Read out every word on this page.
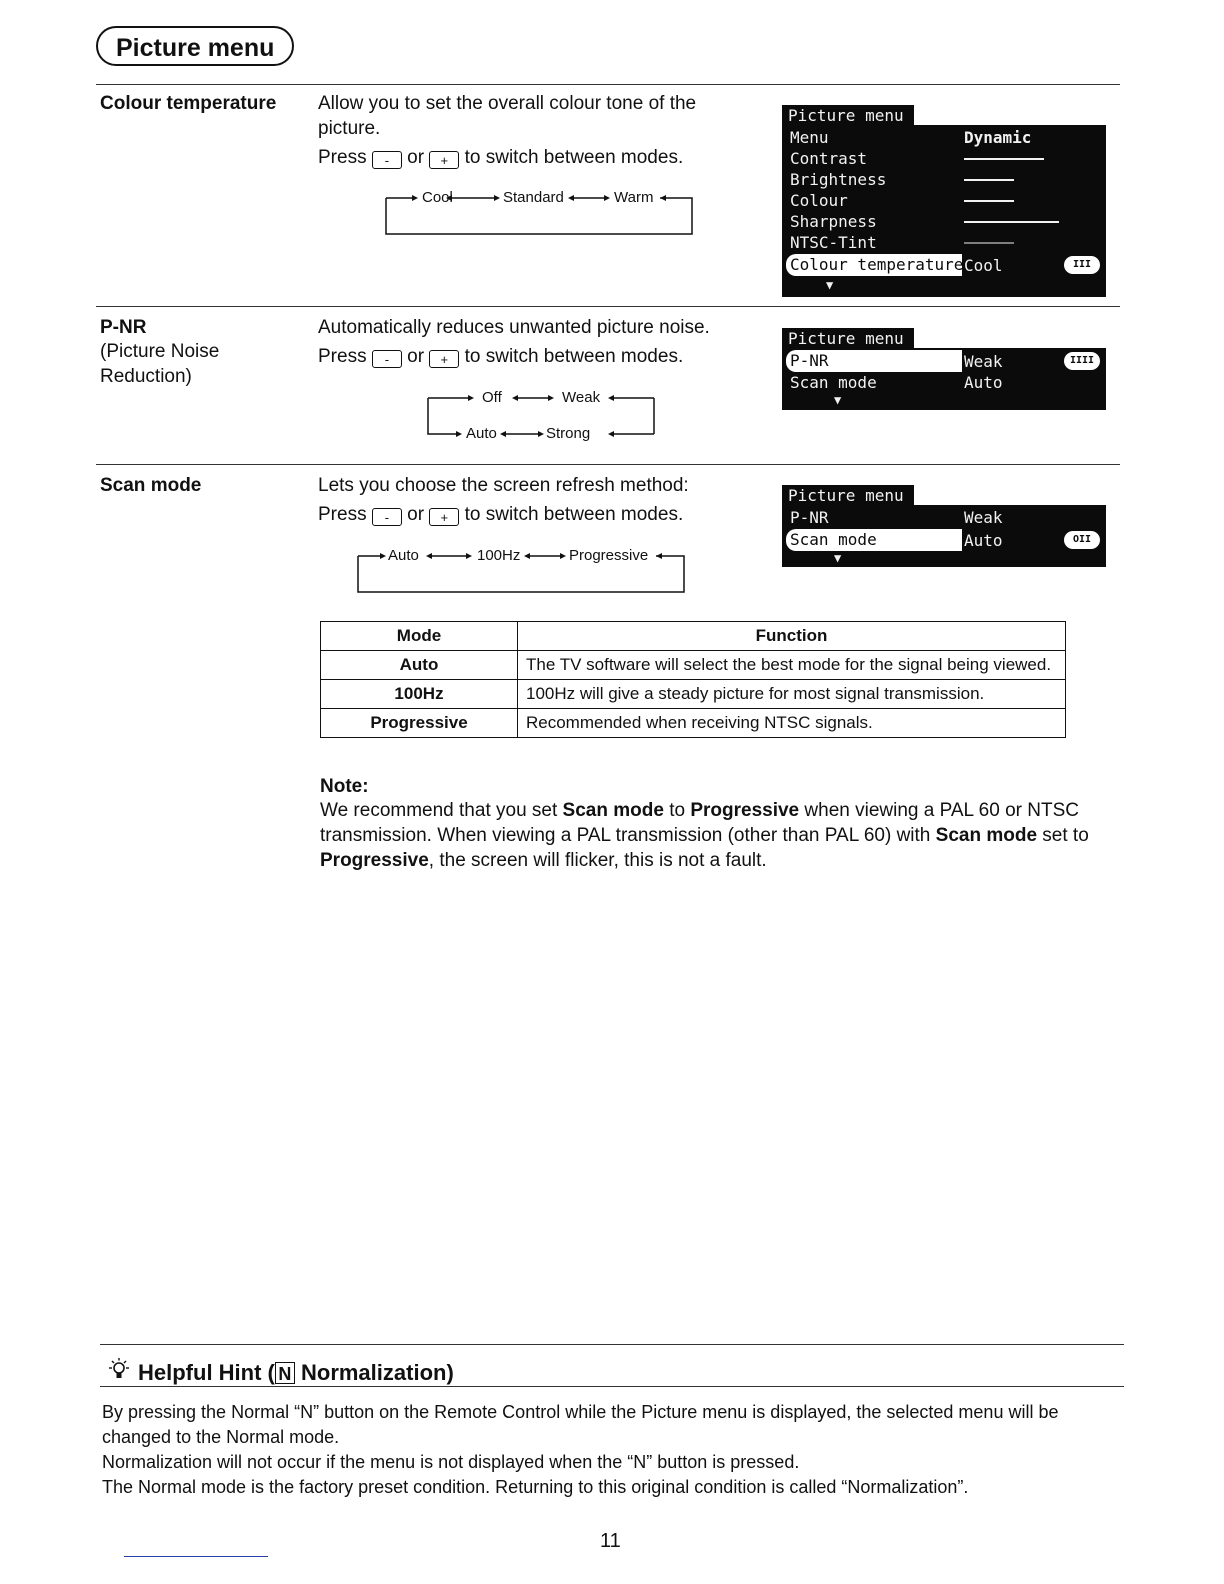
Picture menu
Colour temperature Allow you to set the overall colour tone of the picture.
Press - or + to switch between modes.
Cool	Standard	Warm
Picture menu
Menu	Dynamic
Contrast
Brightness
Colour
Sharpness
NTSC-Tint
Colour temperature Cool	III
▼
P-NR
(Picture Noise Reduction)
Automatically reduces unwanted picture noise.
Press - or + to switch between modes.
Off	Weak
Auto	Strong
Picture menu
P-NR	Weak	IIII
Scan mode	Auto
▼
Scan mode	Lets you choose the screen refresh method:
Press - or + to switch between modes.
Auto	100Hz	Progressive
Picture menu
P-NR	Weak
Scan mode	Auto	OII
▼
Mode	Function
Auto	The TV software will select the best mode for the signal being viewed.
100Hz	100Hz will give a steady picture for most signal transmission.
Progressive	Recommended when receiving NTSC signals.
Note:
We recommend that you set Scan mode to Progressive when viewing a PAL 60 or NTSC transmission. When viewing a PAL transmission (other than PAL 60) with Scan mode set to Progressive, the screen will flicker, this is not a fault.
Helpful Hint ( N Normalization)
By pressing the Normal “N” button on the Remote Control while the Picture menu is displayed, the selected menu will be changed to the Normal mode.
Normalization will not occur if the menu is not displayed when the “N” button is pressed.
The Normal mode is the factory preset condition. Returning to this original condition is called “Normalization”.
11
